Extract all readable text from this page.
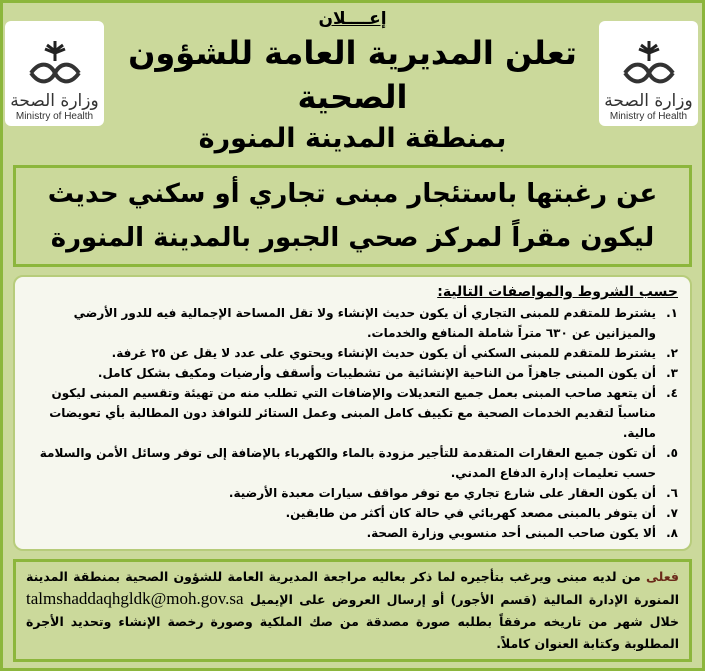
وزارة الصحة
Ministry of Health
وزارة الصحة
Ministry of Health
إعــــلان
تعلن المديرية العامة للشؤون الصحية
بمنطقة المدينة المنورة
عن رغبتها باستئجار مبنى تجاري أو سكني حديث
ليكون مقراً لمركز صحي الجبور بالمدينة المنورة
حسب الشروط والمواصفات التالية:
١.
يشترط للمتقدم للمبنى التجاري أن يكون حديث الإنشاء ولا تقل المساحة الإجمالية فيه للدور الأرضي والميزانين عن ٦٣٠ متراً شاملة المنافع والخدمات.
٢.
يشترط للمتقدم للمبنى السكني أن يكون حديث الإنشاء ويحتوي على عدد لا يقل عن ٢٥ غرفة.
٣.
أن يكون المبنى جاهزاً من الناحية الإنشائية من تشطيبات وأسقف وأرضيات ومكيف بشكل كامل.
٤.
أن يتعهد صاحب المبنى بعمل جميع التعديلات والإضافات التي تطلب منه من تهيئة وتقسيم المبنى ليكون مناسباً لتقديم الخدمات الصحية مع تكييف كامل المبنى وعمل الستائر للنوافذ دون المطالبة بأي تعويضات مالية.
٥.
أن تكون جميع العقارات المتقدمة للتأجير مزودة بالماء والكهرباء بالإضافة إلى توفر وسائل الأمن والسلامة حسب تعليمات إدارة الدفاع المدني.
٦.
أن يكون العقار على شارع تجاري مع توفر مواقف سيارات معبدة الأرضية.
٧.
أن يتوفر بالمبنى مصعد كهربائي في حالة كان أكثر من طابقين.
٨.
ألا يكون صاحب المبنى أحد منسوبي وزارة الصحة.
فعلى من لديه مبنى ويرغب بتأجيره لما ذكر بعاليه مراجعة المديرية العامة للشؤون الصحية بمنطقة المدينة المنورة الإدارة المالية (قسم الأجور) أو إرسال العروض على الإيميل talmshaddaqhgldk@moh.gov.sa خلال شهر من تاريخه مرفقاً بطلبه صورة مصدقة من صك الملكية وصورة رخصة الإنشاء وتحديد الأجرة المطلوبة وكتابة العنوان كاملاً.
